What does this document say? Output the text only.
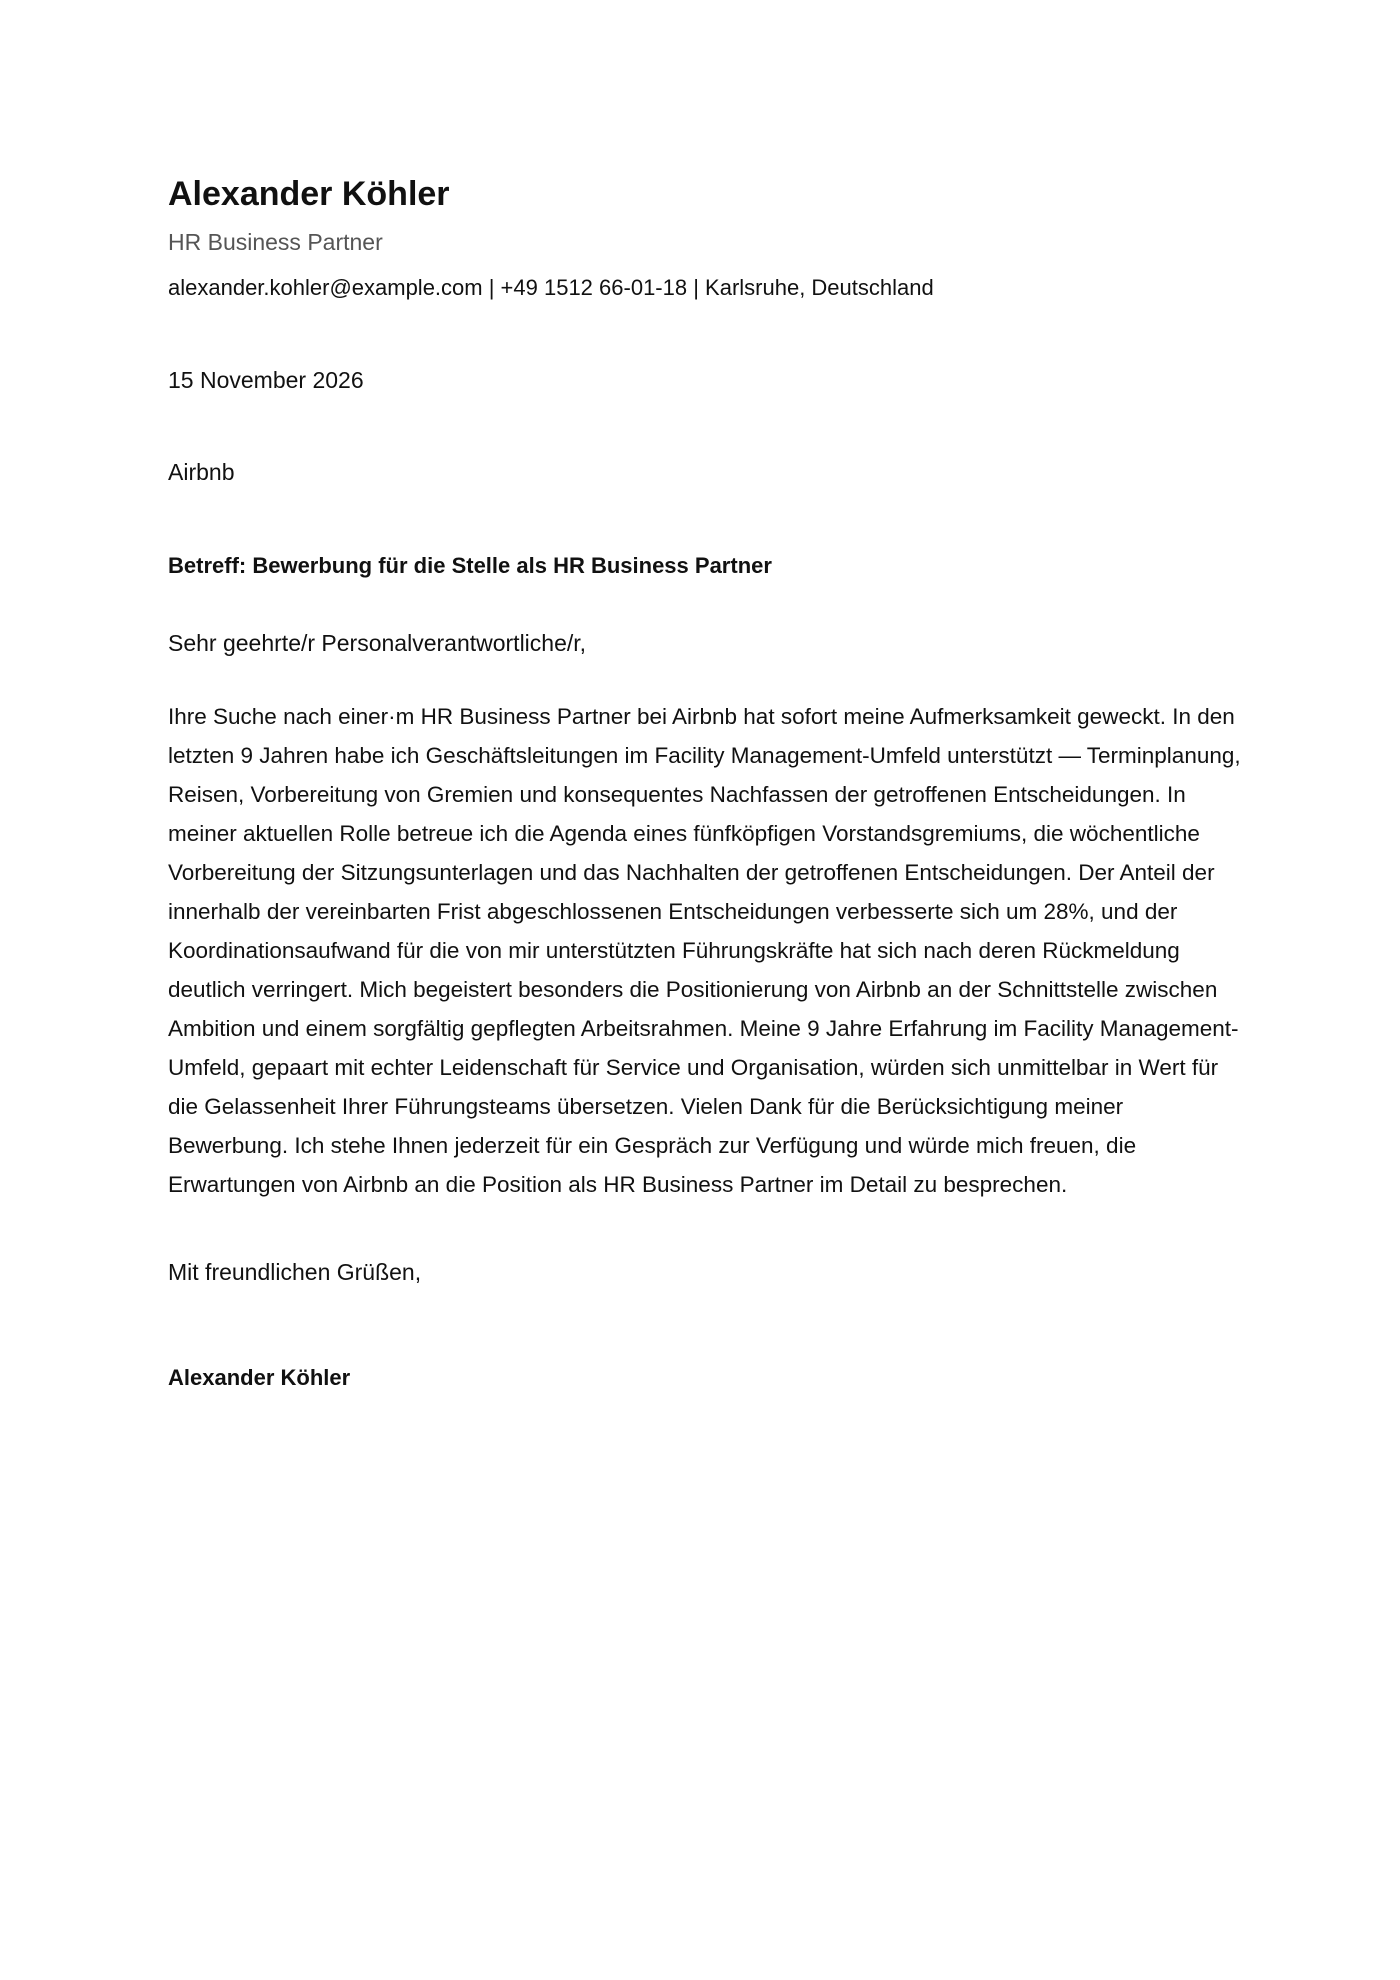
Alexander Köhler
HR Business Partner
alexander.kohler@example.com | +49 1512 66-01-18 | Karlsruhe, Deutschland
15 November 2026
Airbnb
Betreff: Bewerbung für die Stelle als HR Business Partner
Sehr geehrte/r Personalverantwortliche/r,

Ihre Suche nach einer·m HR Business Partner bei Airbnb hat sofort meine Aufmerksamkeit geweckt. In den letzten 9 Jahren habe ich Geschäftsleitungen im Facility Management-Umfeld unterstützt — Terminplanung, Reisen, Vorbereitung von Gremien und konsequentes Nachfassen der getroffenen Entscheidungen. In meiner aktuellen Rolle betreue ich die Agenda eines fünfköpfigen Vorstandsgremiums, die wöchentliche Vorbereitung der Sitzungsunterlagen und das Nachhalten der getroffenen Entscheidungen. Der Anteil der innerhalb der vereinbarten Frist abgeschlossenen Entscheidungen verbesserte sich um 28%, und der Koordinationsaufwand für die von mir unterstützten Führungskräfte hat sich nach deren Rückmeldung deutlich verringert. Mich begeistert besonders die Positionierung von Airbnb an der Schnittstelle zwischen Ambition und einem sorgfältig gepflegten Arbeitsrahmen. Meine 9 Jahre Erfahrung im Facility Management-Umfeld, gepaart mit echter Leidenschaft für Service und Organisation, würden sich unmittelbar in Wert für die Gelassenheit Ihrer Führungsteams übersetzen. Vielen Dank für die Berücksichtigung meiner Bewerbung. Ich stehe Ihnen jederzeit für ein Gespräch zur Verfügung und würde mich freuen, die Erwartungen von Airbnb an die Position als HR Business Partner im Detail zu besprechen.

Mit freundlichen Grüßen,
Alexander Köhler
